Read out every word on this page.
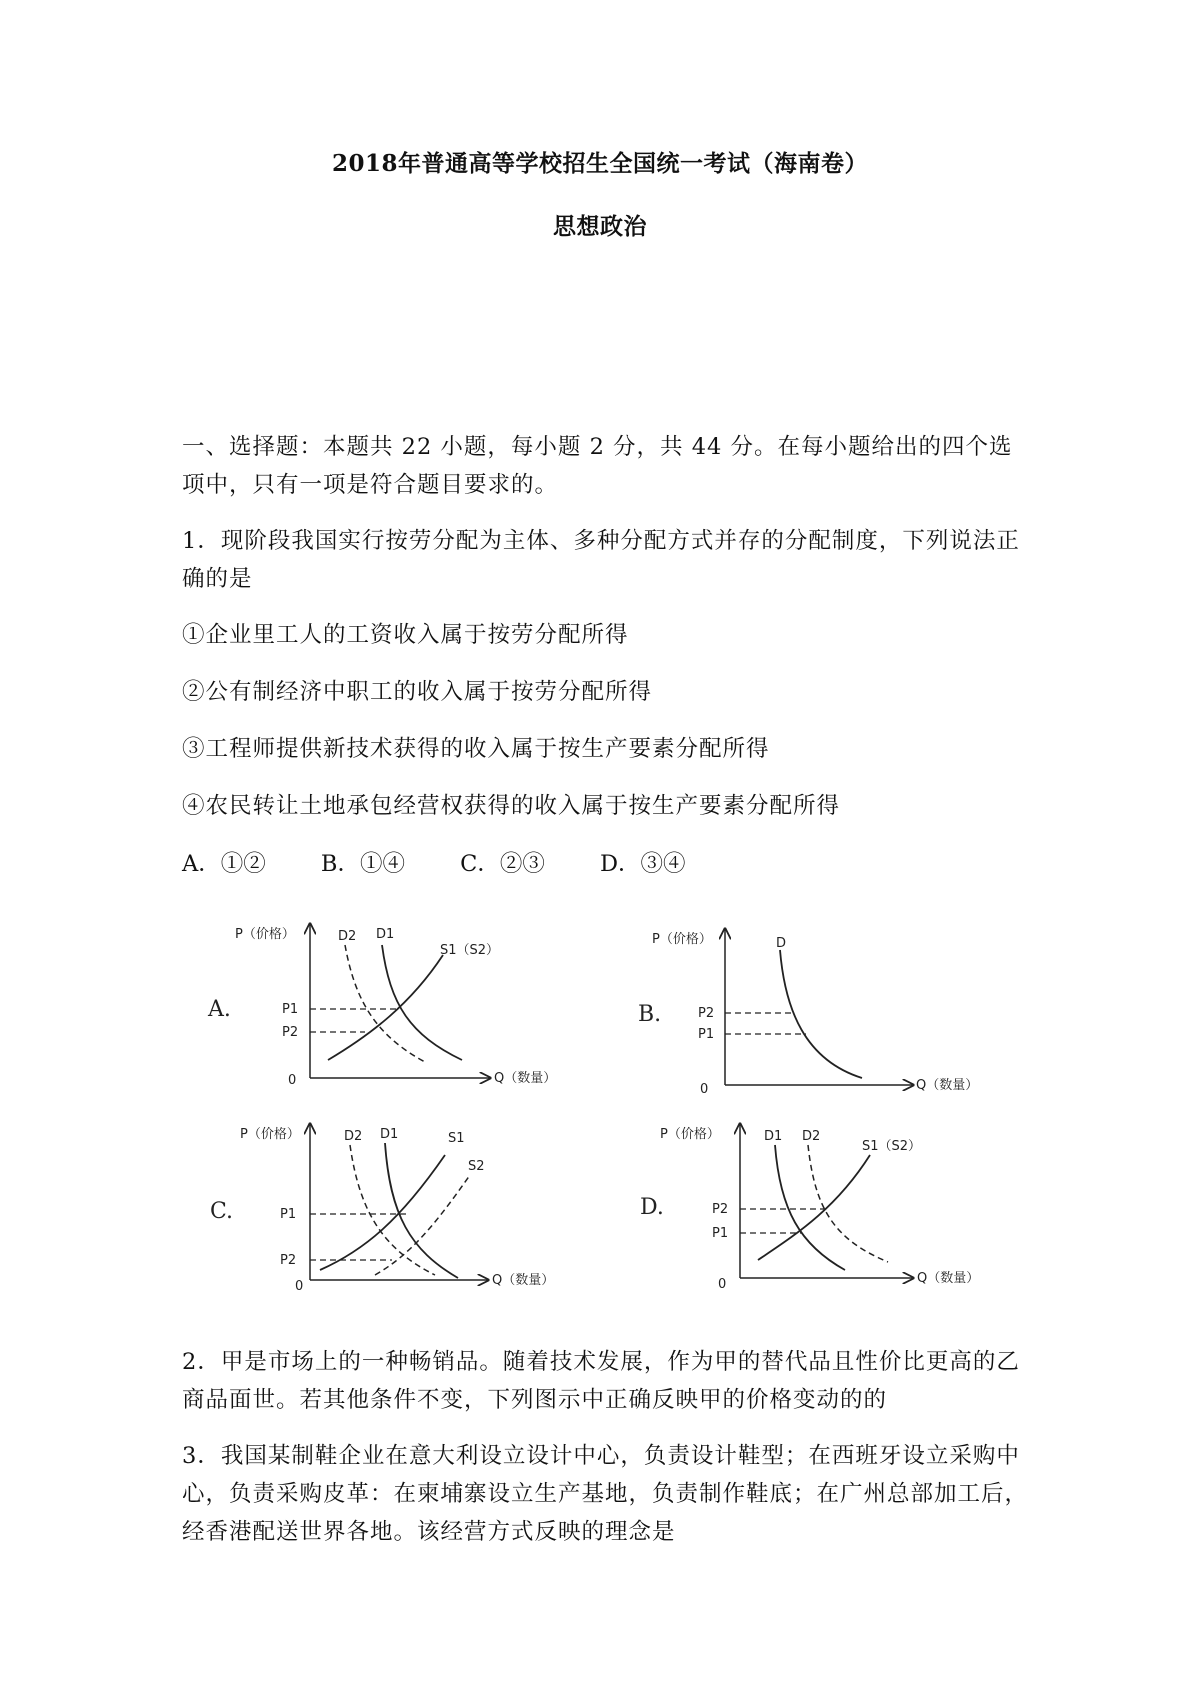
2018年普通高等学校招生全国统一考试（海南卷）
思想政治

一、选择题：本题共 22 小题，每小题 2 分，共 44 分。在每小题给出的四个选项中，只有一项是符合题目要求的。

1．现阶段我国实行按劳分配为主体、多种分配方式并存的分配制度，下列说法正确的是

①企业里工人的工资收入属于按劳分配所得

②公有制经济中职工的收入属于按劳分配所得

③工程师提供新技术获得的收入属于按生产要素分配所得

④农民转让土地承包经营权获得的收入属于按生产要素分配所得

A．①② B．①④ C．②③ D．③④
A.
P（价格）
Q（数量）
0
D2 D1
S1（S2）
P1
P2
B.
P（价格）
Q（数量）
0
D
P2
P1
C.
P（价格）
Q（数量）
0
D2 D1	S1
S2
P1
P2
D.
P（价格）
Q（数量）
0
D1 D2
S1（S2）
P2
P1

2．甲是市场上的一种畅销品。随着技术发展，作为甲的替代品且性价比更高的乙商品面世。若其他条件不变，下列图示中正确反映甲的价格变动的的

3．我国某制鞋企业在意大利设立设计中心，负责设计鞋型；在西班牙设立采购中心，负责采购皮革：在柬埔寨设立生产基地，负责制作鞋底；在广州总部加工后，经香港配送世界各地。该经营方式反映的理念是
